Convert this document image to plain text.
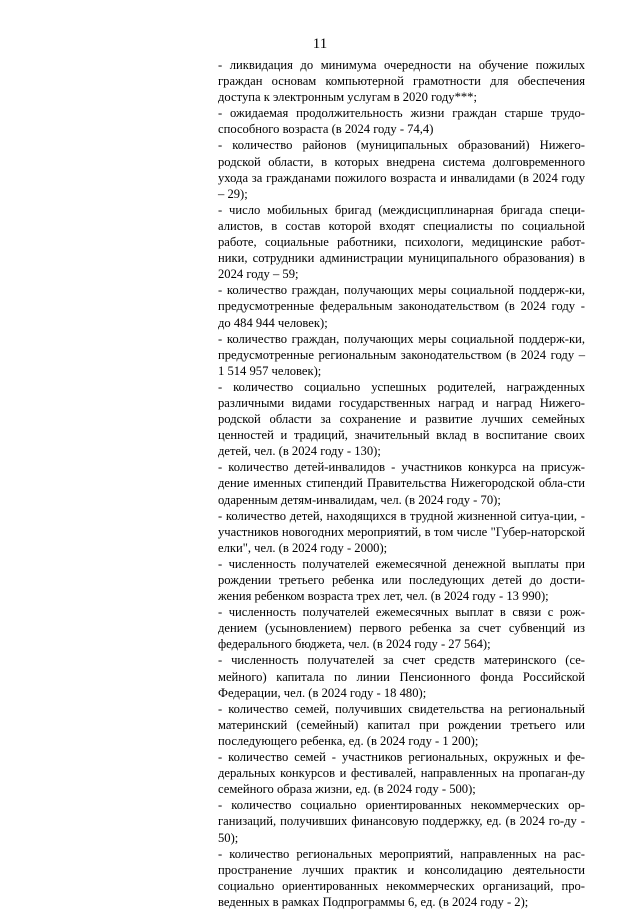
11

- ликвидация до минимума очередности на обучение пожилых граждан основам компьютерной грамотности для обеспечения доступа к электронным услугам в 2020 году***;

- ожидаемая продолжительность жизни граждан старше трудо-способного возраста (в 2024 году - 74,4)

- количество районов (муниципальных образований) Нижего-родской области, в которых внедрена система долговременного ухода за гражданами пожилого возраста и инвалидами (в 2024 году – 29);

- число мобильных бригад (междисциплинарная бригада специ-алистов, в состав которой входят специалисты по социальной работе, социальные работники, психологи, медицинские работ-ники, сотрудники администрации муниципального образования) в 2024 году – 59;

- количество граждан, получающих меры социальной поддерж-ки, предусмотренные федеральным законодательством (в 2024 году - до 484 944 человек);

- количество граждан, получающих меры социальной поддерж-ки, предусмотренные региональным законодательством (в 2024 году – 1 514 957 человек);

- количество социально успешных родителей, награжденных различными видами государственных наград и наград Нижего-родской области за сохранение и развитие лучших семейных ценностей и традиций, значительный вклад в воспитание своих детей, чел. (в 2024 году - 130);

- количество детей-инвалидов - участников конкурса на присуж-дение именных стипендий Правительства Нижегородской обла-сти одаренным детям-инвалидам, чел. (в 2024 году - 70);

- количество детей, находящихся в трудной жизненной ситуа-ции, - участников новогодних мероприятий, в том числе "Губер-наторской елки", чел. (в 2024 году - 2000);

- численность получателей ежемесячной денежной выплаты при рождении третьего ребенка или последующих детей до дости-жения ребенком возраста трех лет, чел. (в 2024 году - 13 990);

- численность получателей ежемесячных выплат в связи с рож-дением (усыновлением) первого ребенка за счет субвенций из федерального бюджета, чел. (в 2024 году - 27 564);

- численность получателей за счет средств материнского (се-мейного) капитала по линии Пенсионного фонда Российской Федерации, чел. (в 2024 году - 18 480);

- количество семей, получивших свидетельства на региональный материнский (семейный) капитал при рождении третьего или последующего ребенка, ед. (в 2024 году - 1 200);

- количество семей - участников региональных, окружных и фе-деральных конкурсов и фестивалей, направленных на пропаган-ду семейного образа жизни, ед. (в 2024 году - 500);

- количество социально ориентированных некоммерческих ор-ганизаций, получивших финансовую поддержку, ед. (в 2024 го-ду - 50);

- количество региональных мероприятий, направленных на рас-пространение лучших практик и консолидацию деятельности социально ориентированных некоммерческих организаций, про-веденных в рамках Подпрограммы 6, ед. (в 2024 году - 2);
